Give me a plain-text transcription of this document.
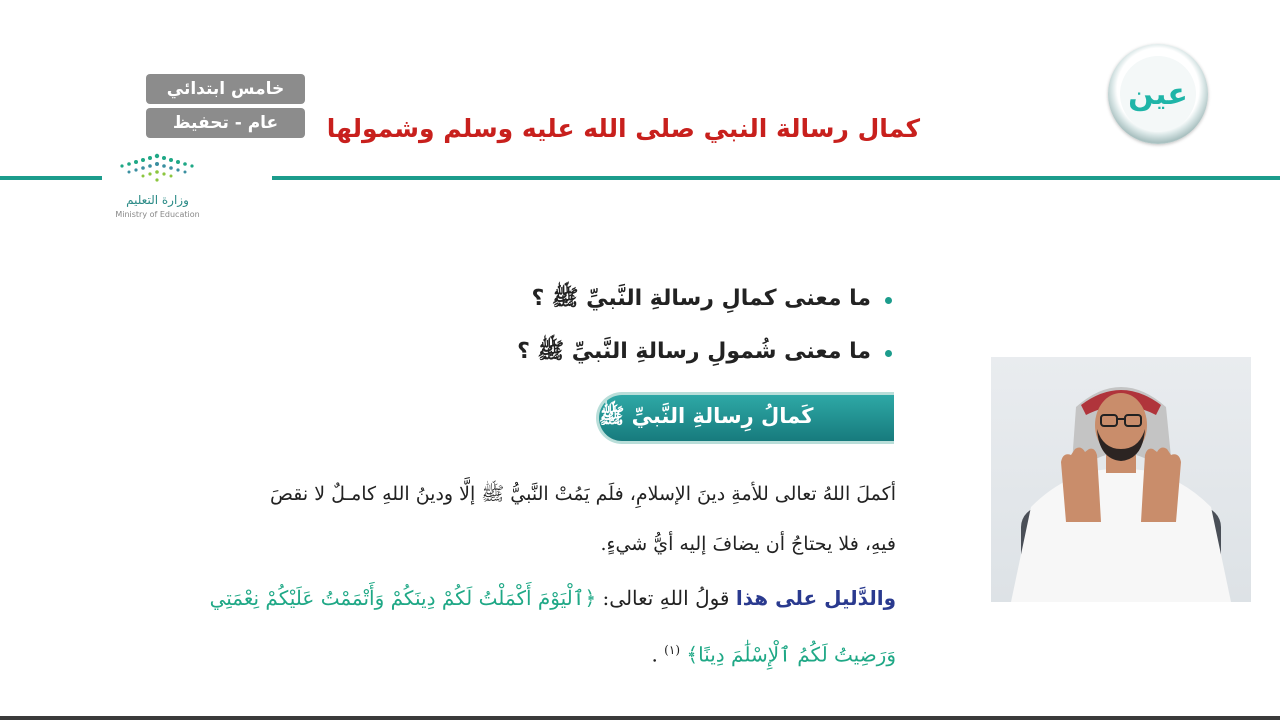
خامس ابتدائي
عام - تحفيظ	كمال رسالة النبي صلى الله عليه وسلم وشمولها
عين
وزارة التعليم
Ministry of Education
ما معنى كمالِ رسالةِ النَّبيِّ ﷺ ؟
ما معنى شُمولِ رسالةِ النَّبيِّ ﷺ ؟
كَمالُ رِسالةِ النَّبيِّ ﷺ
أكملَ اللهُ تعالى للأمةِ دينَ الإسلامِ، فلَم يَمُتْ النَّبيُّ ﷺ إلَّا ودينُ اللهِ كامـلٌ لا نقصَ
فيهِ، فلا يحتاجُ أن يضافَ إليه أيُّ شيءٍ.
والدَّليل على هذا قولُ اللهِ تعالى: ﴿ٱلْيَوْمَ أَكْمَلْتُ لَكُمْ دِينَكُمْ وَأَتْمَمْتُ عَلَيْكُمْ نِعْمَتِي
وَرَضِيتُ لَكُمُ ٱلْإِسْلَٰمَ دِينًا﴾ $^{(١)}$ .
